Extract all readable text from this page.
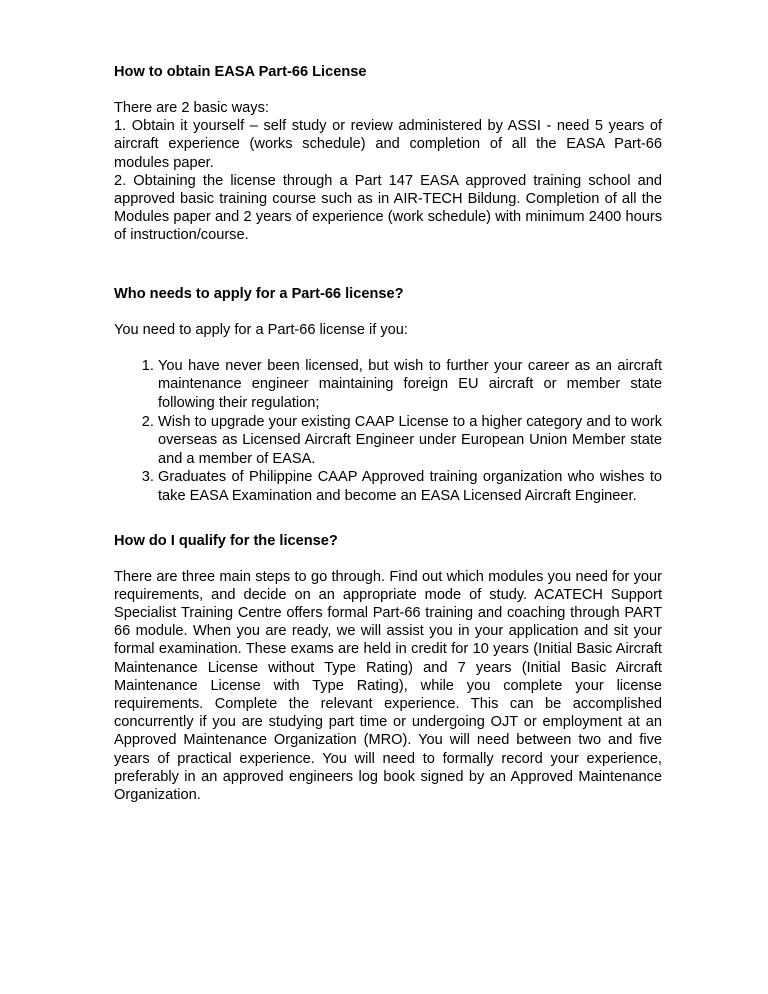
How to obtain EASA Part-66 License

There are 2 basic ways:

1. Obtain it yourself – self study or review administered by ASSI - need 5 years of aircraft experience (works schedule) and completion of all the EASA Part-66 modules paper.

2. Obtaining the license through a Part 147 EASA approved training school and approved basic training course such as in AIR-TECH Bildung. Completion of all the Modules paper and 2 years of experience (work schedule) with minimum 2400 hours of instruction/course.

Who needs to apply for a Part-66 license?

You need to apply for a Part-66 license if you:

1. You have never been licensed, but wish to further your career as an aircraft maintenance engineer maintaining foreign EU aircraft or member state following their regulation;
2. Wish to upgrade your existing CAAP License to a higher category and to work overseas as Licensed Aircraft Engineer under European Union Member state and a member of EASA.
3. Graduates of Philippine CAAP Approved training organization who wishes to take EASA Examination and become an EASA Licensed Aircraft Engineer.
How do I qualify for the license?

There are three main steps to go through. Find out which modules you need for your requirements, and decide on an appropriate mode of study. ACATECH Support Specialist Training Centre offers formal Part-66 training and coaching through PART 66 module. When you are ready, we will assist you in your application and sit your formal examination. These exams are held in credit for 10 years (Initial Basic Aircraft Maintenance License without Type Rating) and 7 years (Initial Basic Aircraft Maintenance License with Type Rating), while you complete your license requirements. Complete the relevant experience. This can be accomplished concurrently if you are studying part time or undergoing OJT or employment at an Approved Maintenance Organization (MRO). You will need between two and five years of practical experience. You will need to formally record your experience, preferably in an approved engineers log book signed by an Approved Maintenance Organization.
